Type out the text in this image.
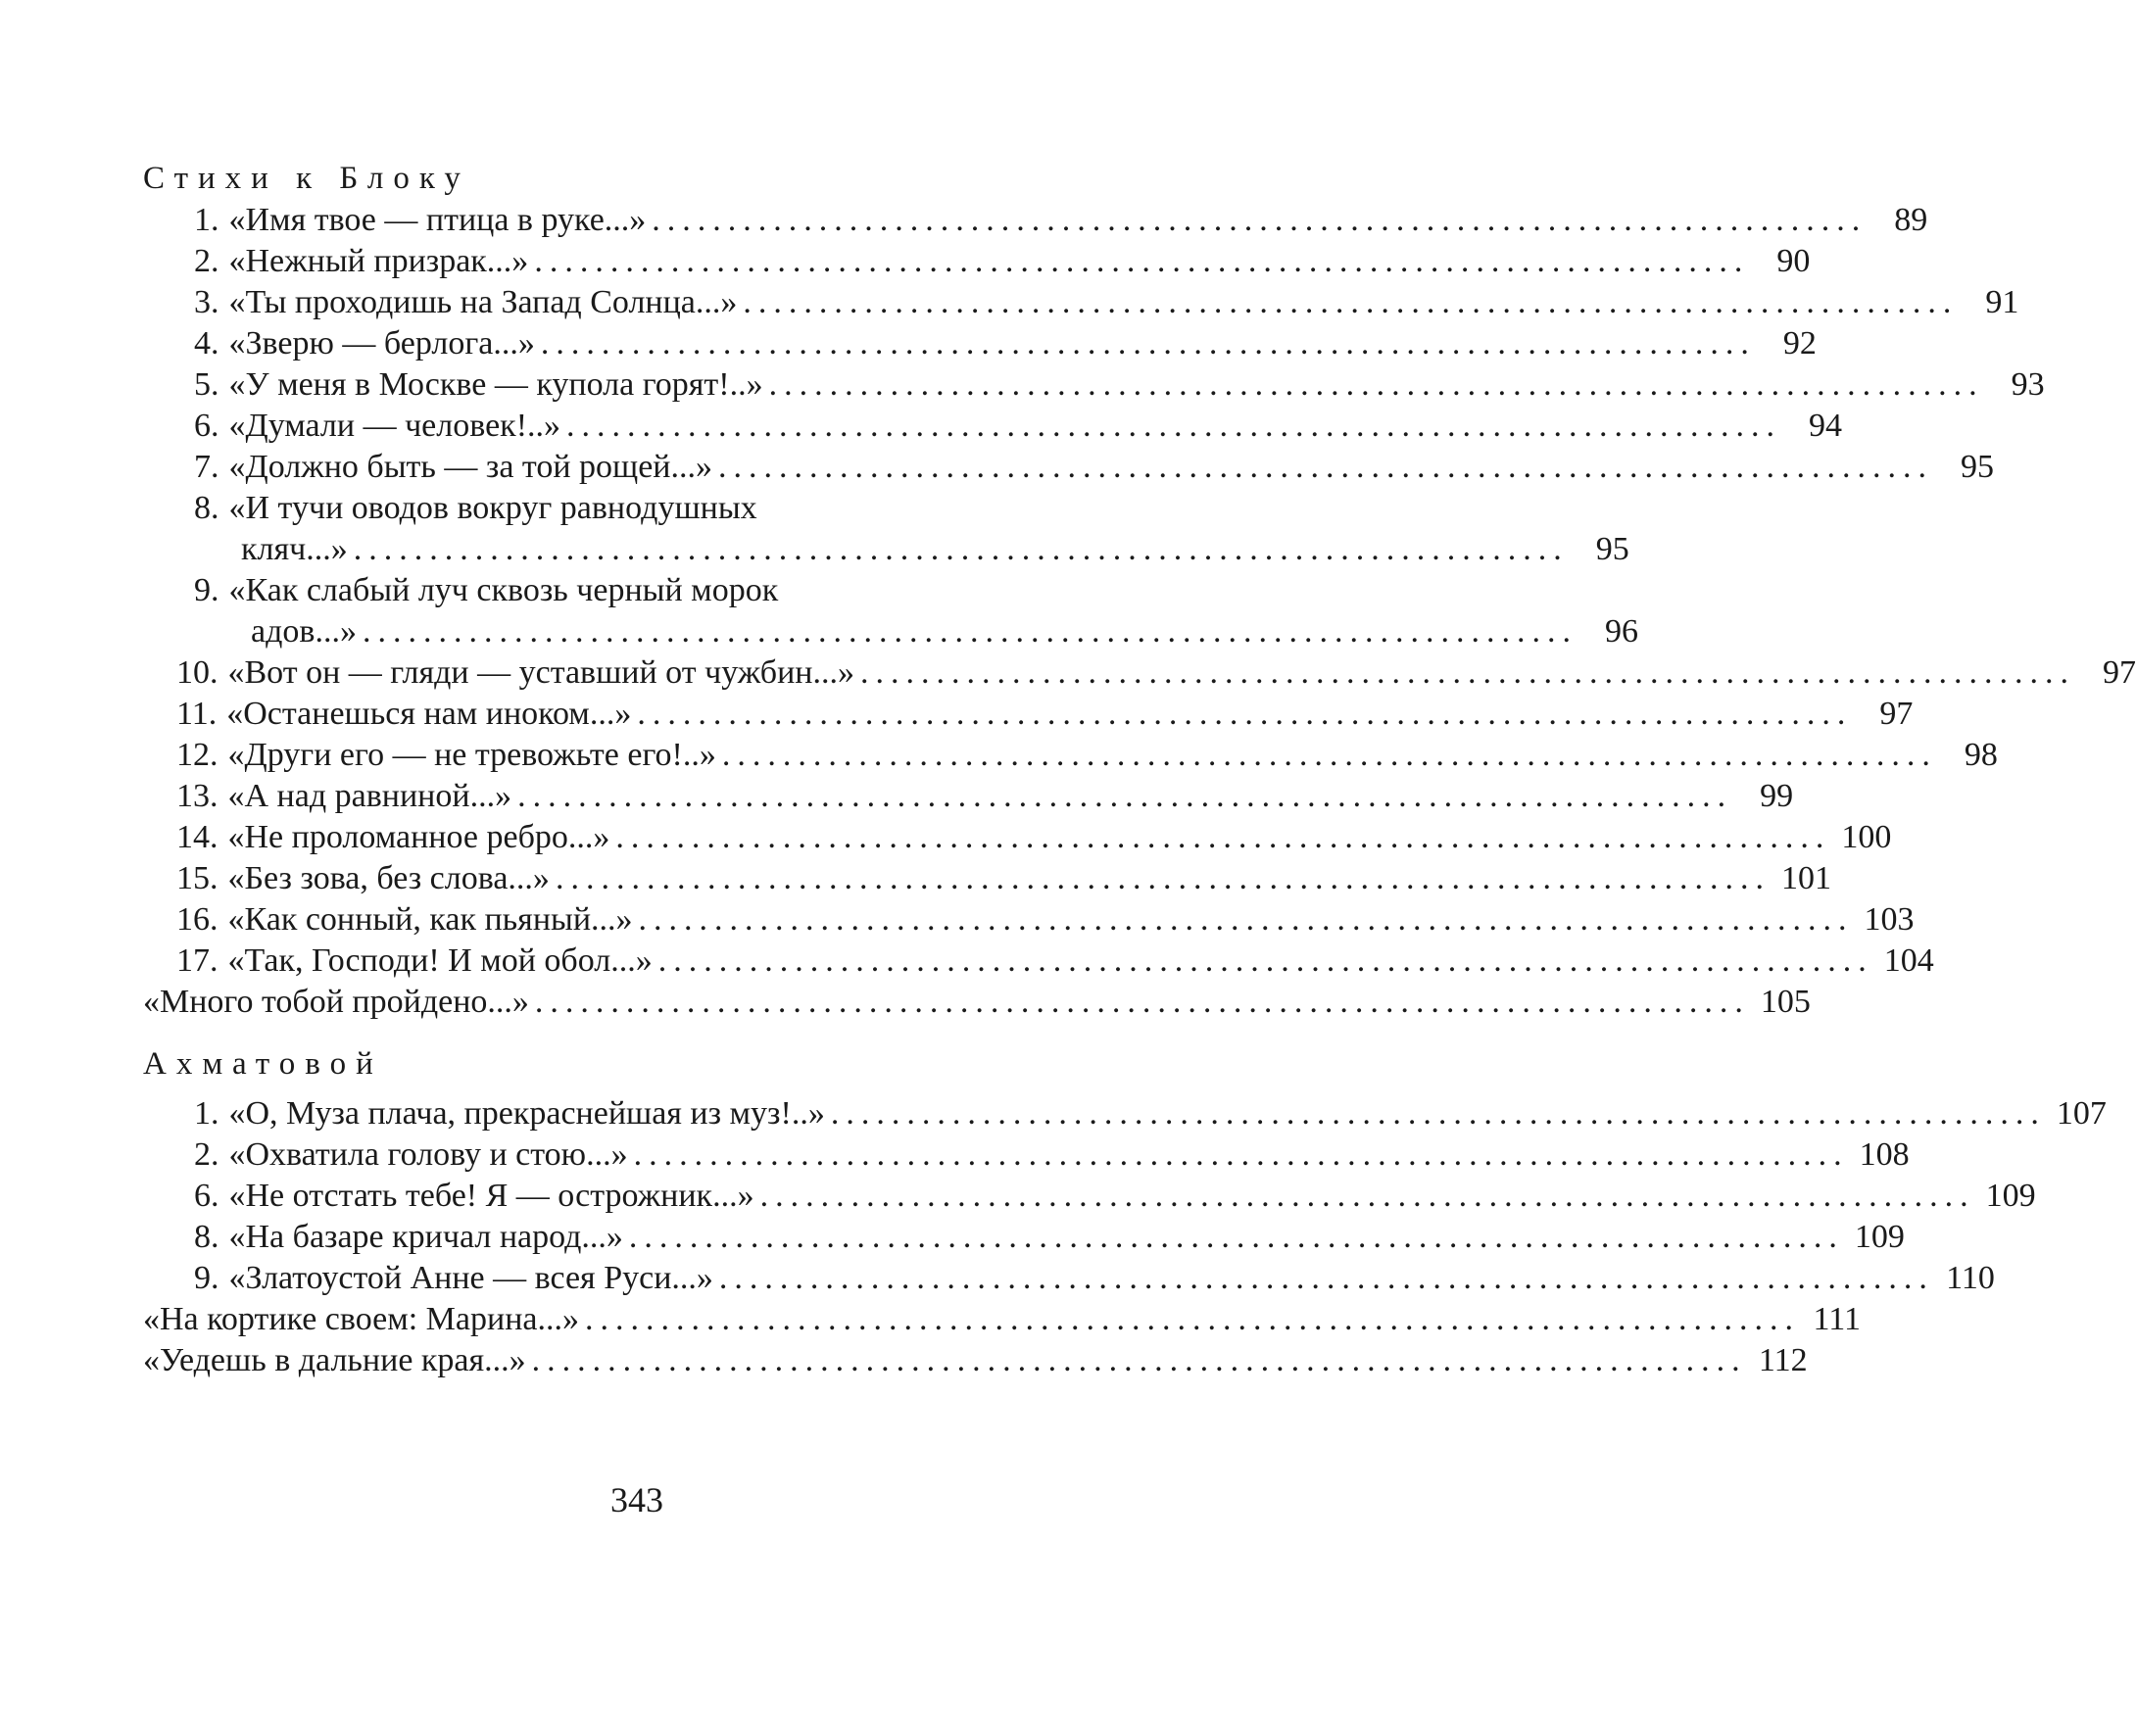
Стихи к Блоку
1. «Имя твое — птица в руке...» ................................................................................ 89
2. «Нежный призрак...» ................................................................................ 90
3. «Ты проходишь на Запад Солнца...» ................................................................................ 91
4. «Зверю — берлога...» ................................................................................ 92
5. «У меня в Москве — купола горят!..» ................................................................................ 93
6. «Думали — человек!..» ................................................................................ 94
7. «Должно быть — за той рощей...» ................................................................................ 95
8. «И тучи оводов вокруг равнодушных
кляч...» ................................................................................ 95
9. «Как слабый луч сквозь черный морок
адов...» ................................................................................ 96
10. «Вот он — гляди — уставший от чужбин...» ................................................................................ 97
11. «Останешься нам иноком...» ................................................................................ 97
12. «Други его — не тревожьте его!..» ................................................................................ 98
13. «А над равниной...» ................................................................................ 99
14. «Не проломанное ребро...» ................................................................................ 100
15. «Без зова, без слова...» ................................................................................ 101
16. «Как сонный, как пьяный...» ................................................................................ 103
17. «Так, Господи! И мой обол...» ................................................................................ 104
«Много тобой пройдено...» ................................................................................ 105
Ахматовой
1. «О, Муза плача, прекраснейшая из муз!..» ................................................................................ 107
2. «Охватила голову и стою...» ................................................................................ 108
6. «Не отстать тебе! Я — острожник...» ................................................................................ 109
8. «На базаре кричал народ...» ................................................................................ 109
9. «Златоустой Анне — всея Руси...» ................................................................................ 110
«На кортике своем: Марина...» ................................................................................ 111
«Уедешь в дальние края...» ................................................................................ 112
343
